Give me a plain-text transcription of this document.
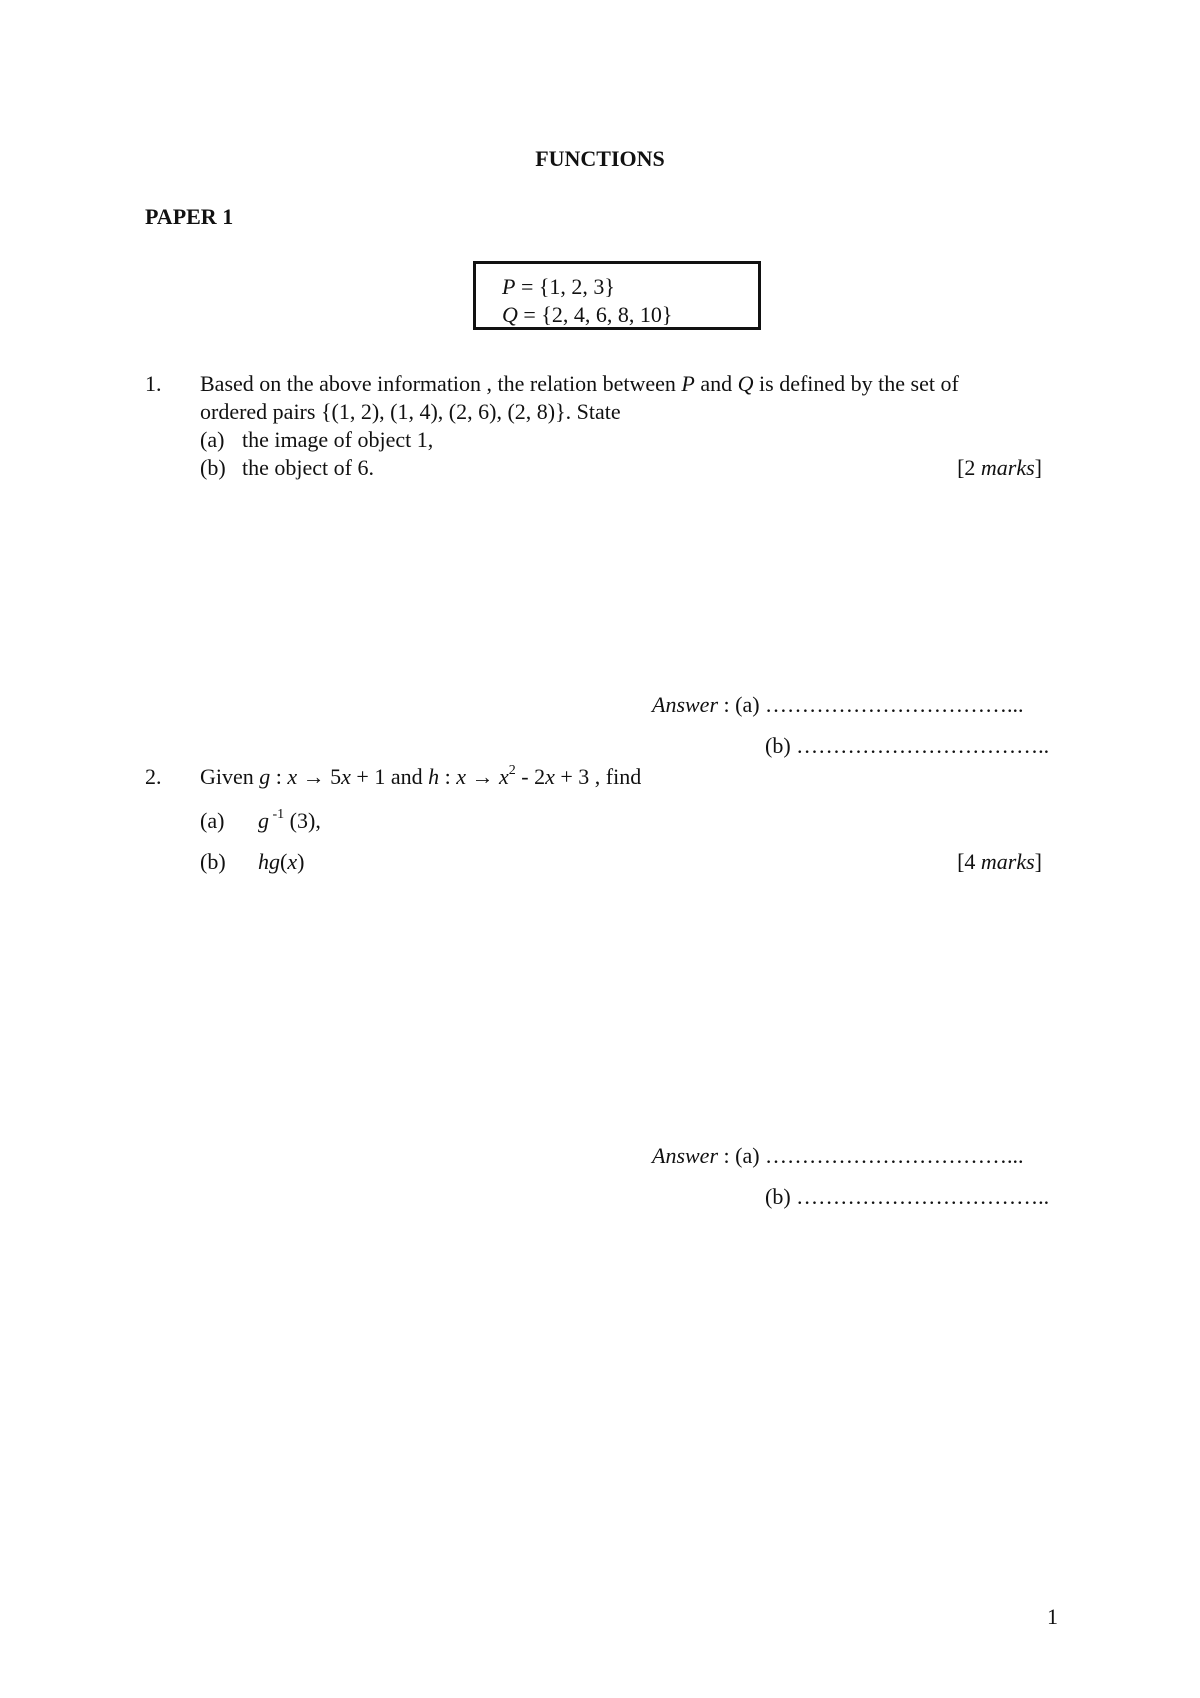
FUNCTIONS
PAPER 1
P = {1, 2, 3}
Q = {2, 4, 6, 8, 10}
1. Based on the above information , the relation between P and Q is defined by the set of
ordered pairs {(1, 2), (1, 4), (2, 6), (2, 8)}. State
(a) the image of object 1,
(b) the object of 6.	[2 marks]
Answer : (a) ……………………………...
(b) ……………………………..
2. Given g : x → 5x + 1 and h : $x \to x^2 - 2x + 3$ , find
(a) g $^{-1}$ (3),
(b) hg(x)	[4 marks]
Answer : (a) ……………………………...
(b) ……………………………..
1
